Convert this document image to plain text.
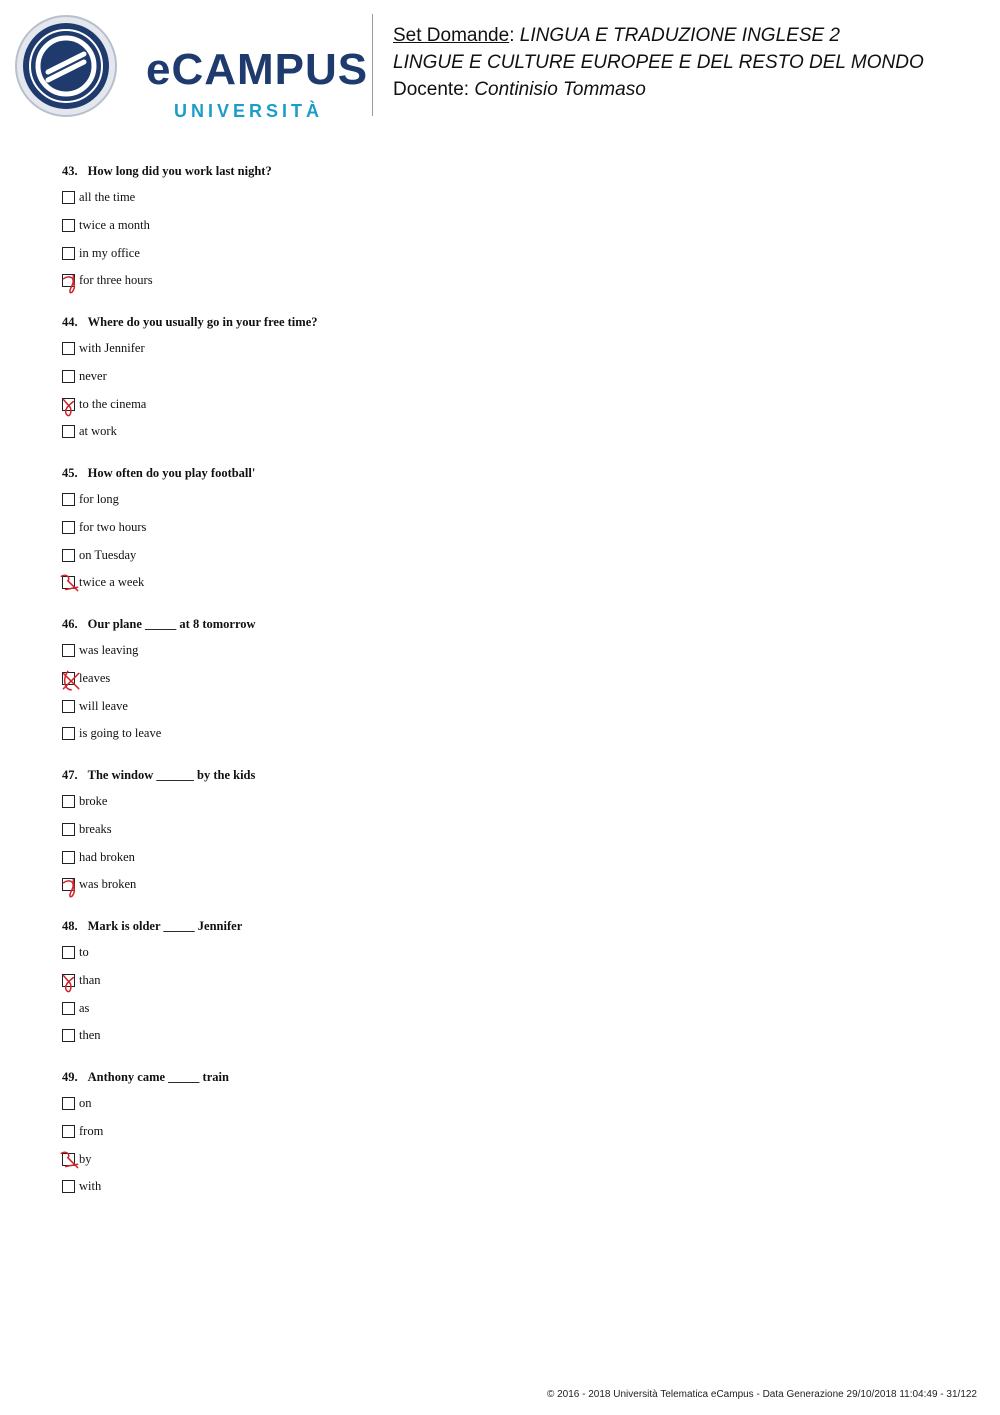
eCAMPUS
UNIVERSITÀ
Set Domande: LINGUA E TRADUZIONE INGLESE 2
LINGUE E CULTURE EUROPEE E DEL RESTO DEL MONDO
Docente: Continisio Tommaso
43. How long did you work last night?
all the time
twice a month
in my office
for three hours
44. Where do you usually go in your free time?
with Jennifer
never
to the cinema
at work
45. How often do you play football'
for long
for two hours
on Tuesday
twice a week
46. Our plane _____ at 8 tomorrow
was leaving
leaves
will leave
is going to leave
47. The window ______ by the kids
broke
breaks
had broken
was broken
48. Mark is older _____ Jennifer
to
than
as
then
49. Anthony came _____ train
on
from
by
with
© 2016 - 2018 Università Telematica eCampus - Data Generazione 29/10/2018 11:04:49 - 31/122
